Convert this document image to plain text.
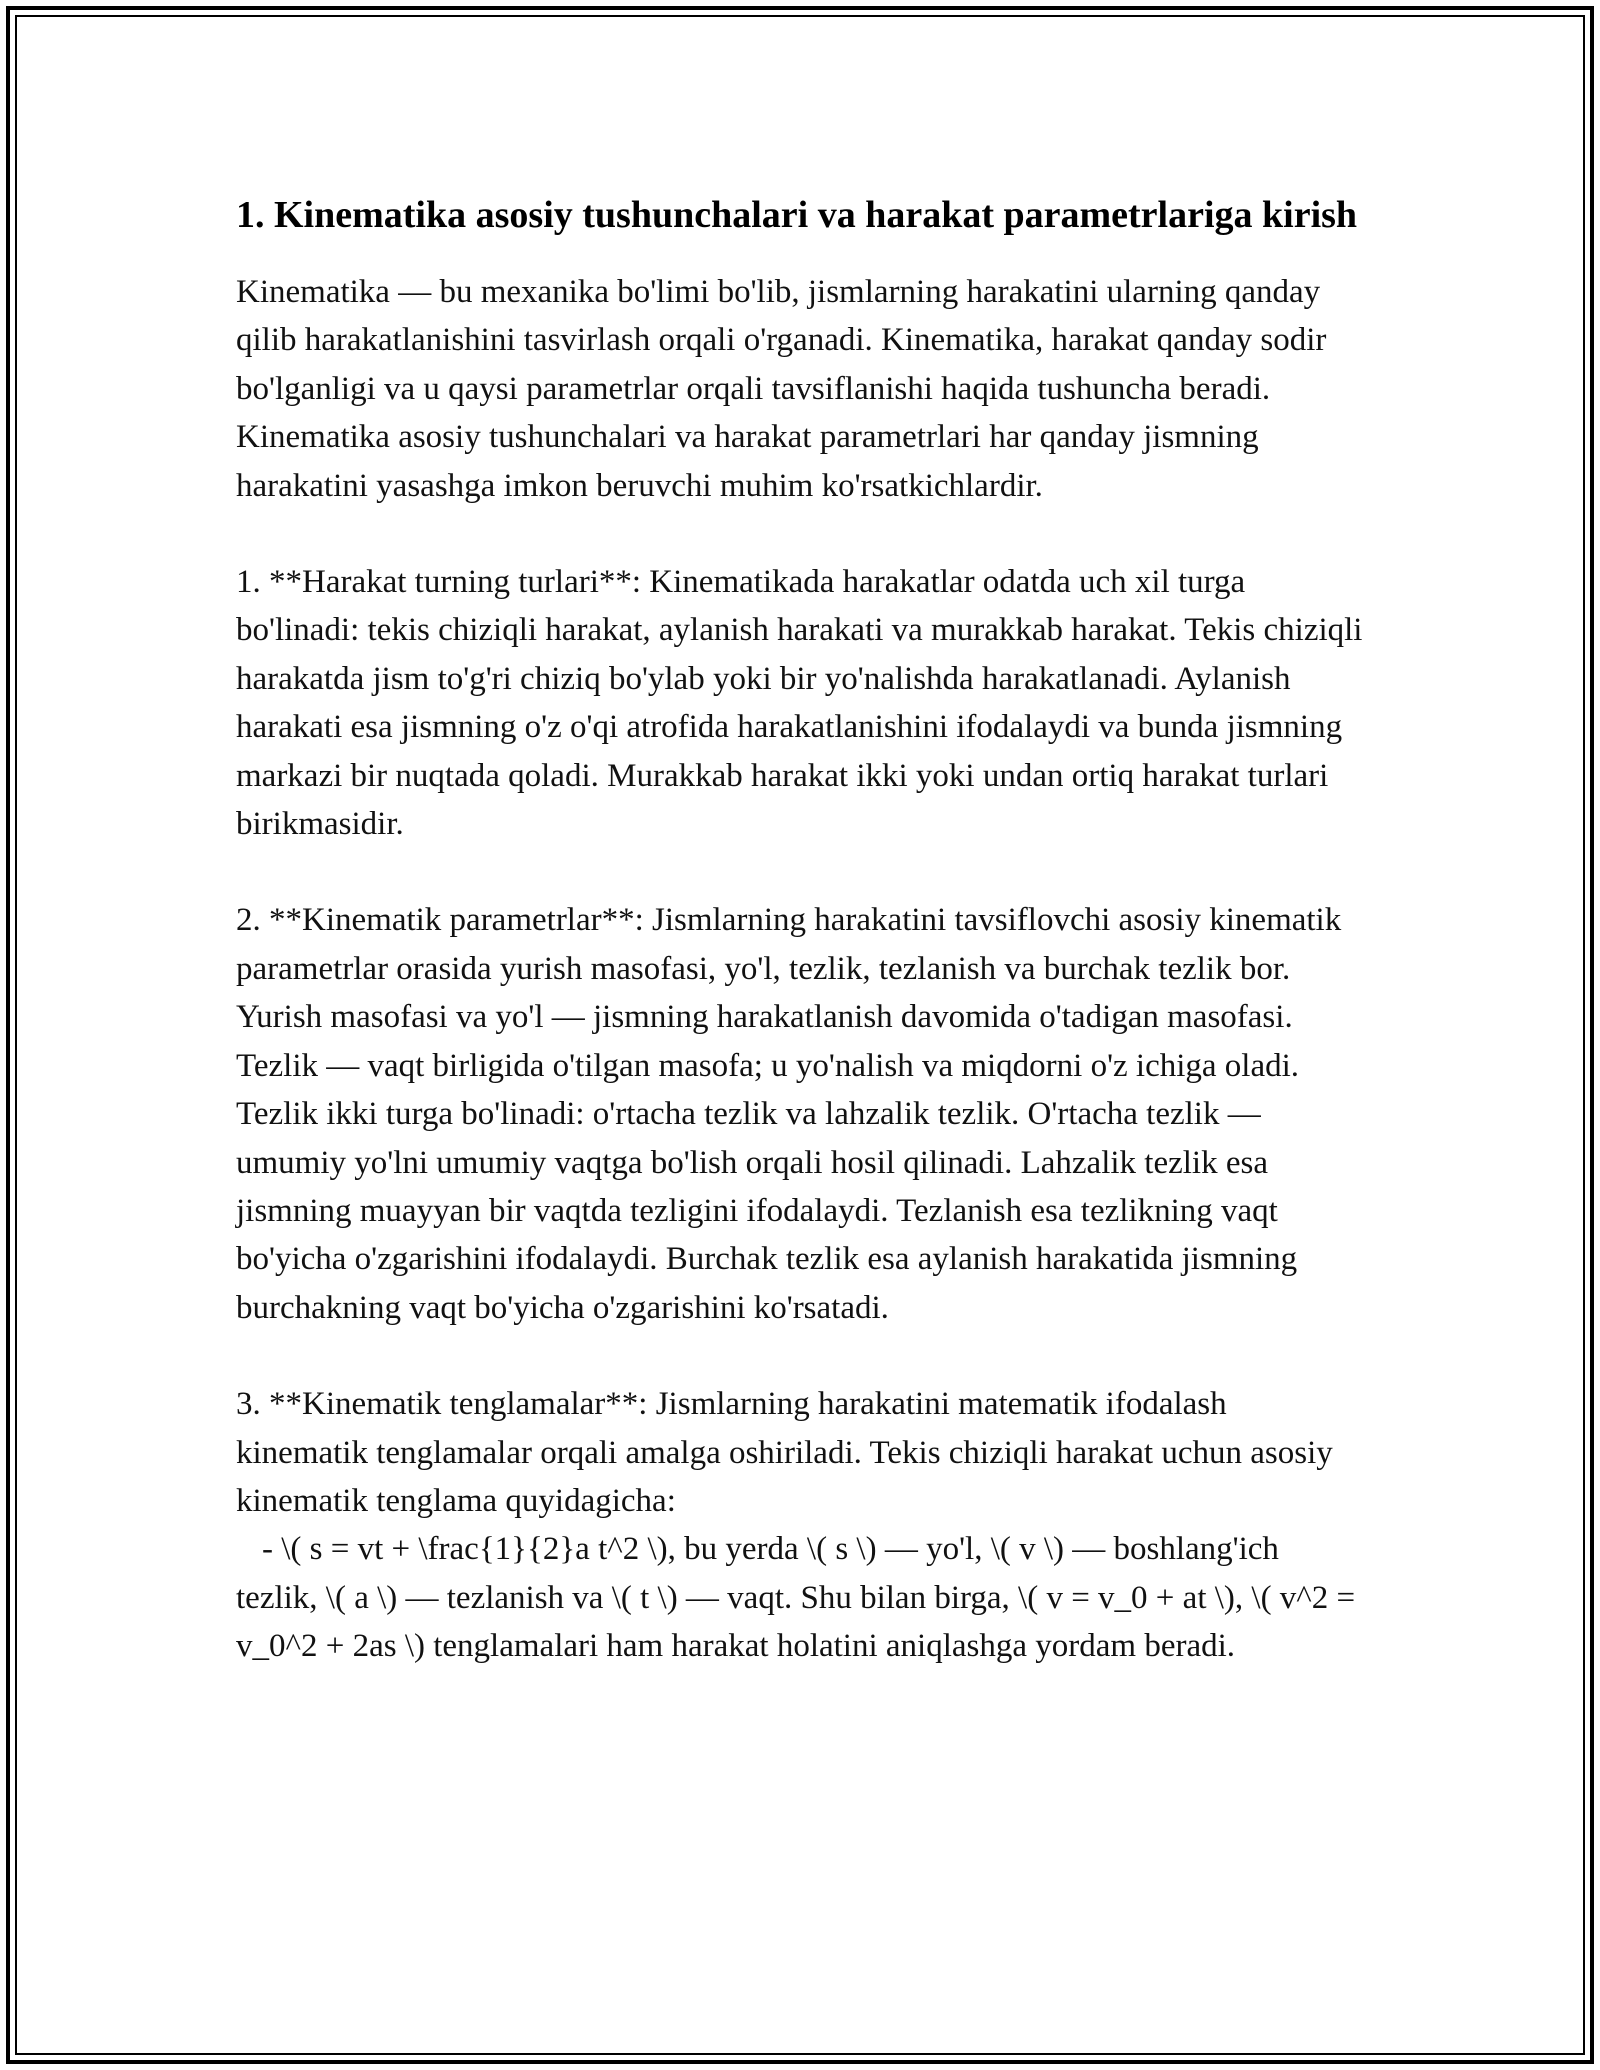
1. Kinematika asosiy tushunchalari va harakat parametrlariga kirish

Kinematika — bu mexanika bo'limi bo'lib, jismlarning harakatini ularning qanday qilib harakatlanishini tasvirlash orqali o'rganadi. Kinematika, harakat qanday sodir bo'lganligi va u qaysi parametrlar orqali tavsiflanishi haqida tushuncha beradi. Kinematika asosiy tushunchalari va harakat parametrlari har qanday jismning harakatini yasashga imkon beruvchi muhim ko'rsatkichlardir.

1. **Harakat turning turlari**: Kinematikada harakatlar odatda uch xil turga bo'linadi: tekis chiziqli harakat, aylanish harakati va murakkab harakat. Tekis chiziqli harakatda jism to'g'ri chiziq bo'ylab yoki bir yo'nalishda harakatlanadi. Aylanish harakati esa jismning o'z o'qi atrofida harakatlanishini ifodalaydi va bunda jismning markazi bir nuqtada qoladi. Murakkab harakat ikki yoki undan ortiq harakat turlari birikmasidir.

2. **Kinematik parametrlar**: Jismlarning harakatini tavsiflovchi asosiy kinematik parametrlar orasida yurish masofasi, yo'l, tezlik, tezlanish va burchak tezlik bor. Yurish masofasi va yo'l — jismning harakatlanish davomida o'tadigan masofasi. Tezlik — vaqt birligida o'tilgan masofa; u yo'nalish va miqdorni o'z ichiga oladi. Tezlik ikki turga bo'linadi: o'rtacha tezlik va lahzalik tezlik. O'rtacha tezlik — umumiy yo'lni umumiy vaqtga bo'lish orqali hosil qilinadi. Lahzalik tezlik esa jismning muayyan bir vaqtda tezligini ifodalaydi. Tezlanish esa tezlikning vaqt bo'yicha o'zgarishini ifodalaydi. Burchak tezlik esa aylanish harakatida jismning burchakning vaqt bo'yicha o'zgarishini ko'rsatadi.

3. **Kinematik tenglamalar**: Jismlarning harakatini matematik ifodalash kinematik tenglamalar orqali amalga oshiriladi. Tekis chiziqli harakat uchun asosiy kinematik tenglama quyidagicha:
- \( s = vt + \frac{1}{2}a t^2 \), bu yerda \( s \) — yo'l, \( v \) — boshlang'ich tezlik, \( a \) — tezlanish va \( t \) — vaqt. Shu bilan birga, \( v = v_0 + at \), \( v^2 = v_0^2 + 2as \) tenglamalari ham harakat holatini aniqlashga yordam beradi.
